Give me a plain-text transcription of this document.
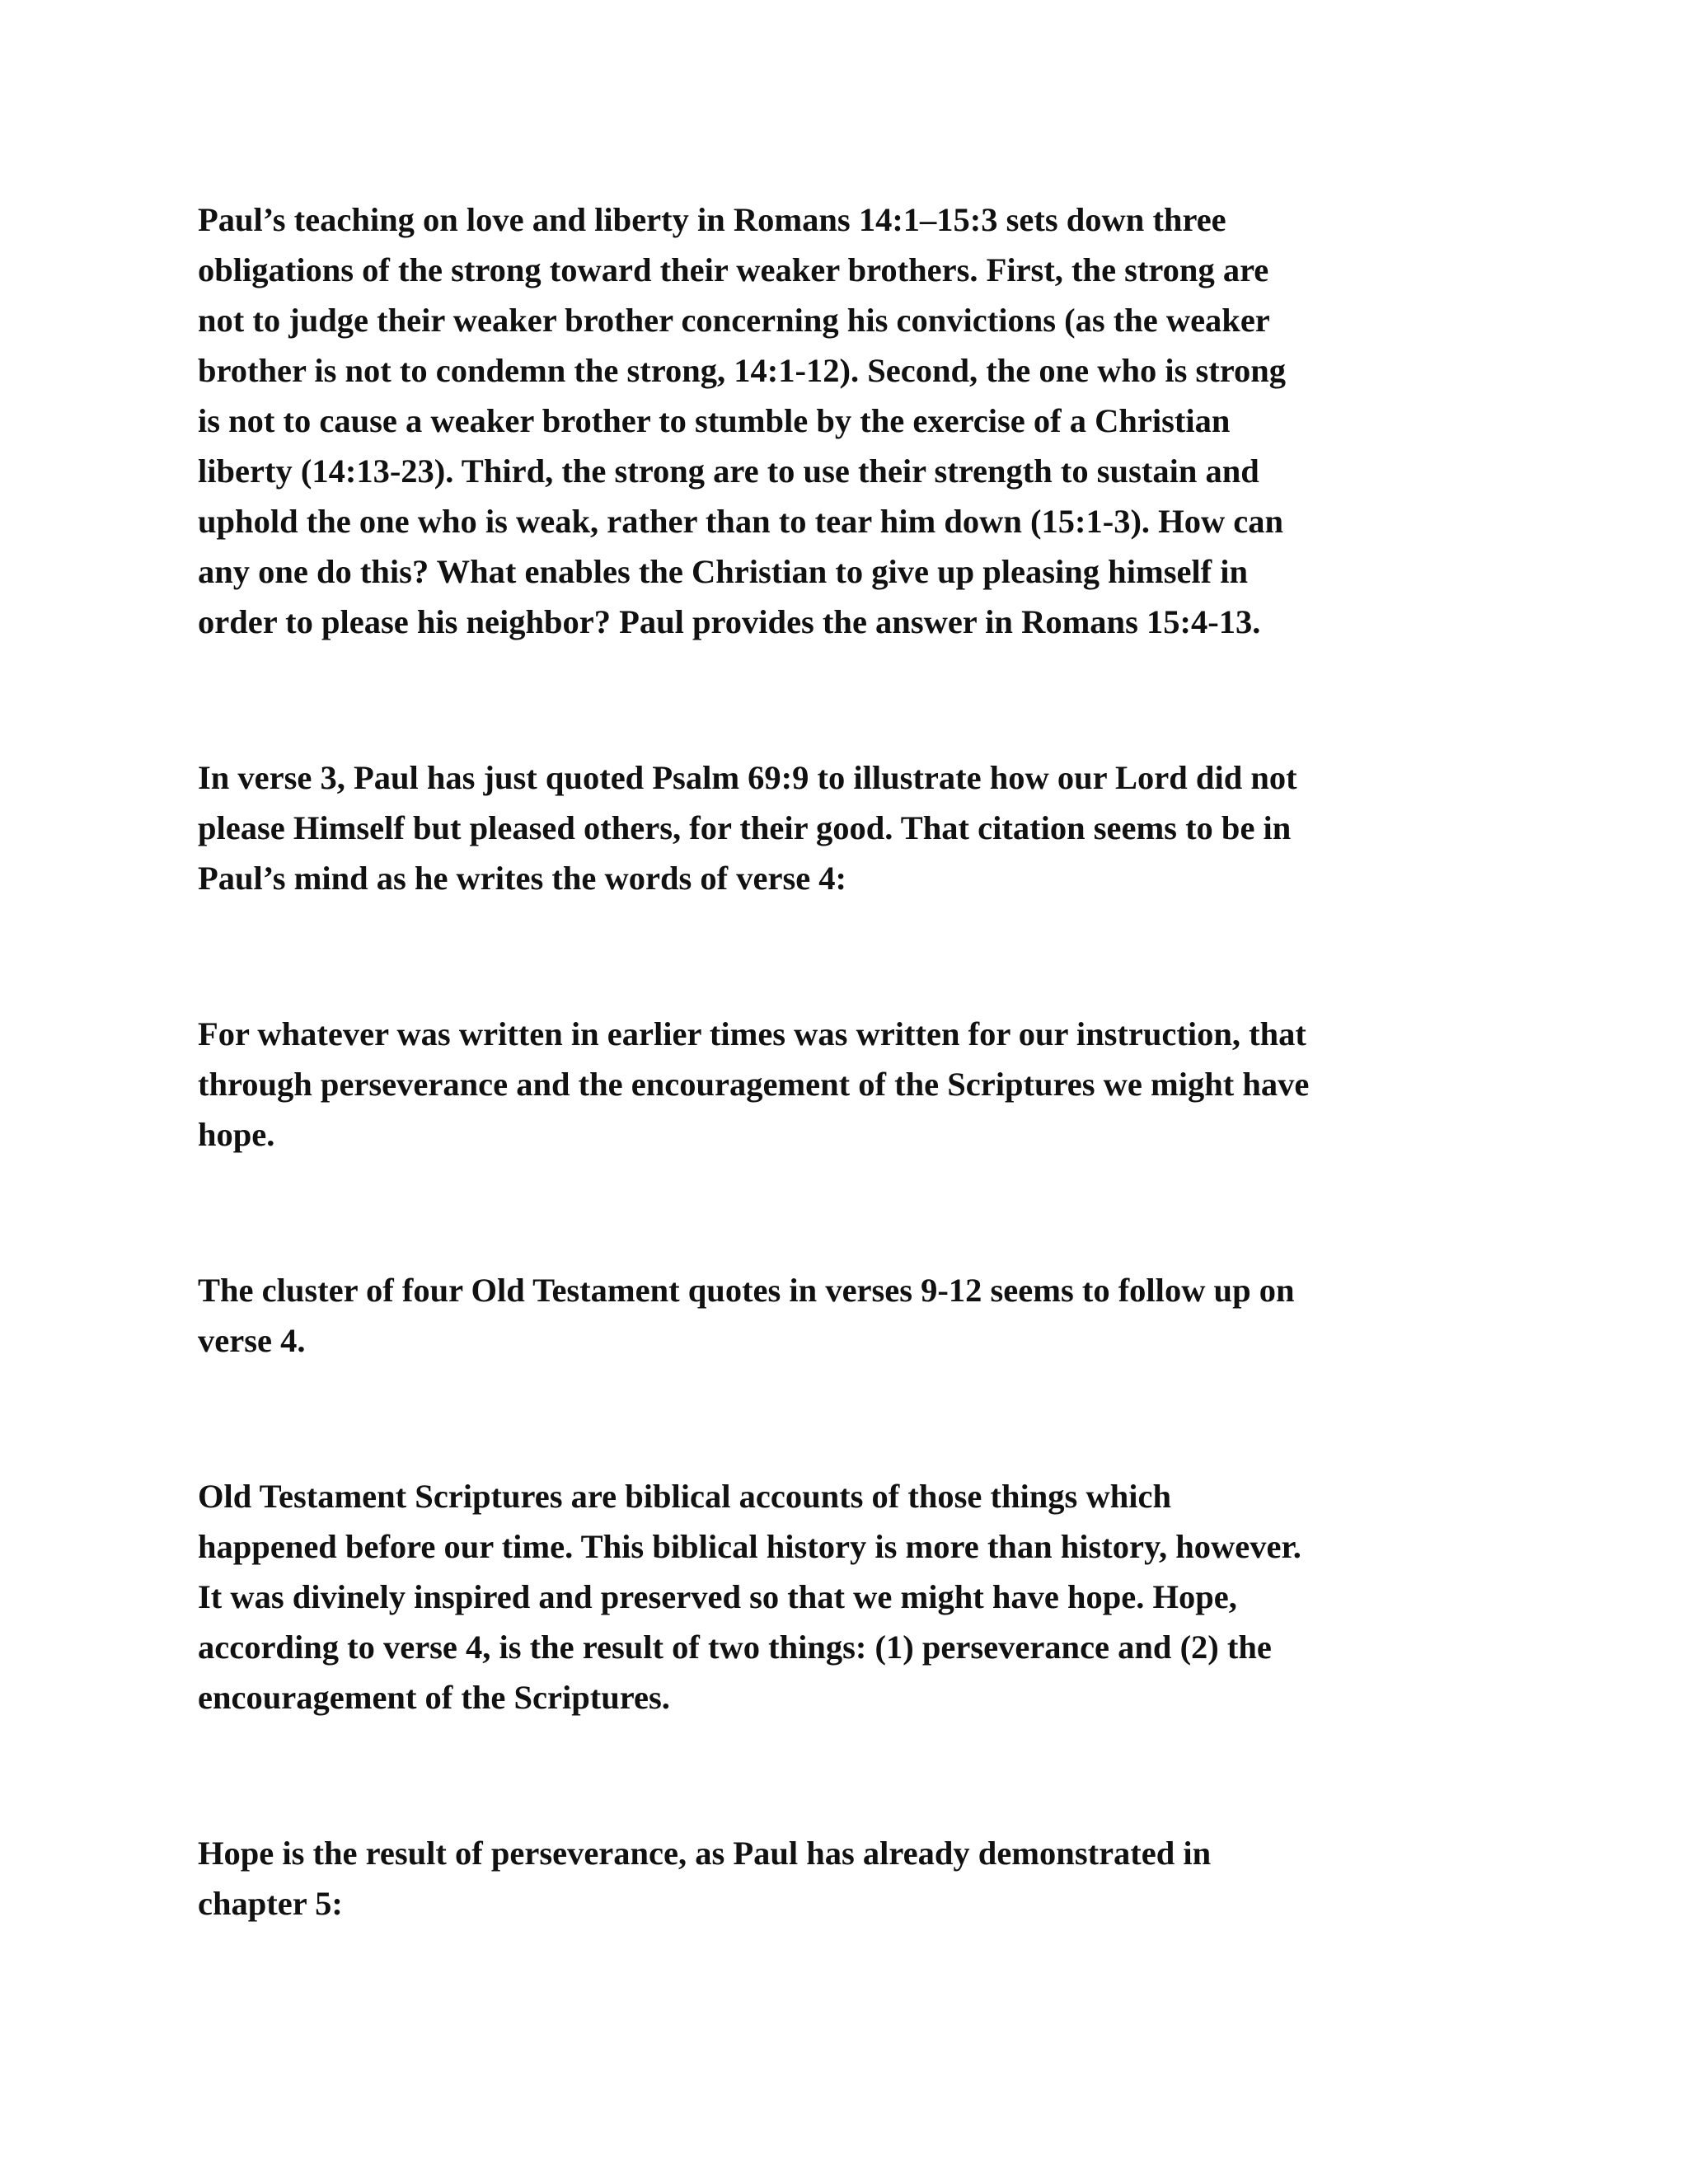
Paul’s teaching on love and liberty in Romans 14:1–15:3 sets down three
obligations of the strong toward their weaker brothers. First, the strong are
not to judge their weaker brother concerning his convictions (as the weaker
brother is not to condemn the strong, 14:1-12). Second, the one who is strong
is not to cause a weaker brother to stumble by the exercise of a Christian
liberty (14:13-23). Third, the strong are to use their strength to sustain and
uphold the one who is weak, rather than to tear him down (15:1-3). How can
any one do this? What enables the Christian to give up pleasing himself in
order to please his neighbor? Paul provides the answer in Romans 15:4-13.

In verse 3, Paul has just quoted Psalm 69:9 to illustrate how our Lord did not
please Himself but pleased others, for their good. That citation seems to be in
Paul’s mind as he writes the words of verse 4:

For whatever was written in earlier times was written for our instruction, that
through perseverance and the encouragement of the Scriptures we might have
hope.

The cluster of four Old Testament quotes in verses 9-12 seems to follow up on
verse 4.

Old Testament Scriptures are biblical accounts of those things which
happened before our time. This biblical history is more than history, however.
It was divinely inspired and preserved so that we might have hope. Hope,
according to verse 4, is the result of two things: (1) perseverance and (2) the
encouragement of the Scriptures.

Hope is the result of perseverance, as Paul has already demonstrated in
chapter 5:
